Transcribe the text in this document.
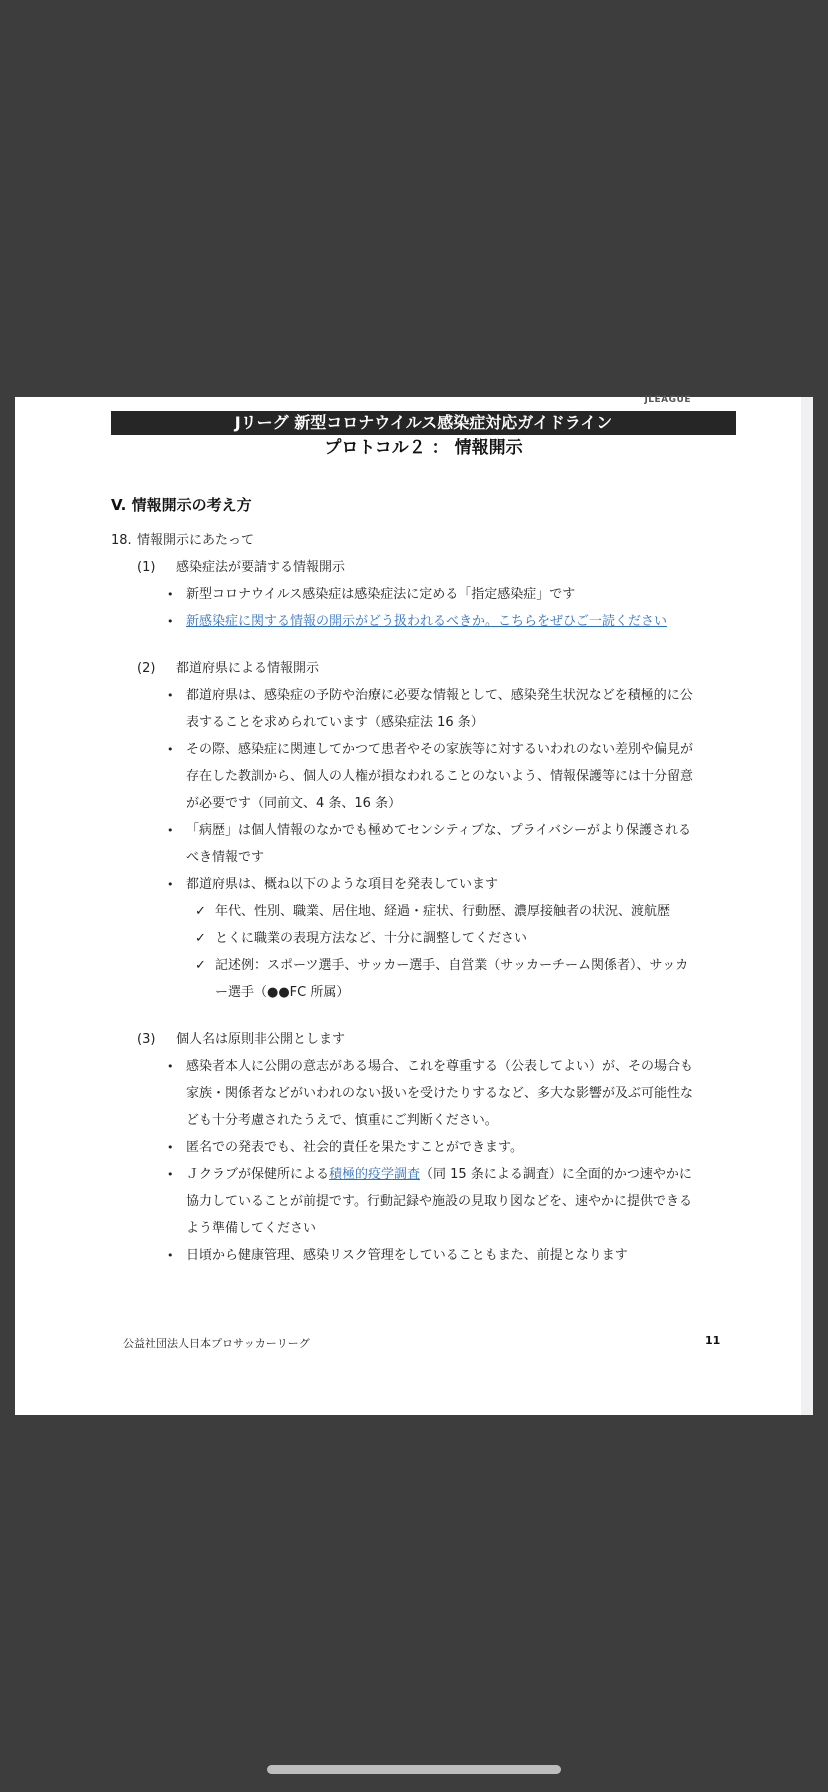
JLEAGUE
Jリーグ 新型コロナウイルス感染症対応ガイドライン
プロトコル２ ： 情報開示
V. 情報開示の考え方
18. 情報開示にあたって
(1) 感染症法が要請する情報開示
• 新型コロナウイルス感染症は感染症法に定める「指定感染症」です
• 新感染症に関する情報の開示がどう扱われるべきか。こちらをぜひご一読ください
(2) 都道府県による情報開示
• 都道府県は、感染症の予防や治療に必要な情報として、感染発生状況などを積極的に公
表することを求められています（感染症法 16 条）
• その際、感染症に関連してかつて患者やその家族等に対するいわれのない差別や偏見が
存在した教訓から、個人の人権が損なわれることのないよう、情報保護等には十分留意
が必要です（同前文、4 条、16 条）
• 「病歴」は個人情報のなかでも極めてセンシティブな、プライバシーがより保護される
べき情報です
• 都道府県は、概ね以下のような項目を発表しています
✓ 年代、性別、職業、居住地、経過・症状、行動歴、濃厚接触者の状況、渡航歴
✓ とくに職業の表現方法など、十分に調整してください
✓ 記述例：スポーツ選手、サッカー選手、自営業（サッカーチーム関係者）、サッカ
ー選手（●●FC 所属）
(3) 個人名は原則非公開とします
• 感染者本人に公開の意志がある場合、これを尊重する（公表してよい）が、その場合も
家族・関係者などがいわれのない扱いを受けたりするなど、多大な影響が及ぶ可能性な
ども十分考慮されたうえで、慎重にご判断ください。
• 匿名での発表でも、社会的責任を果たすことができます。
• Ｊクラブが保健所による積極的疫学調査（同 15 条による調査）に全面的かつ速やかに
協力していることが前提です。行動記録や施設の見取り図などを、速やかに提供できる
よう準備してください
• 日頃から健康管理、感染リスク管理をしていることもまた、前提となります
公益社団法人日本プロサッカーリーグ	11
